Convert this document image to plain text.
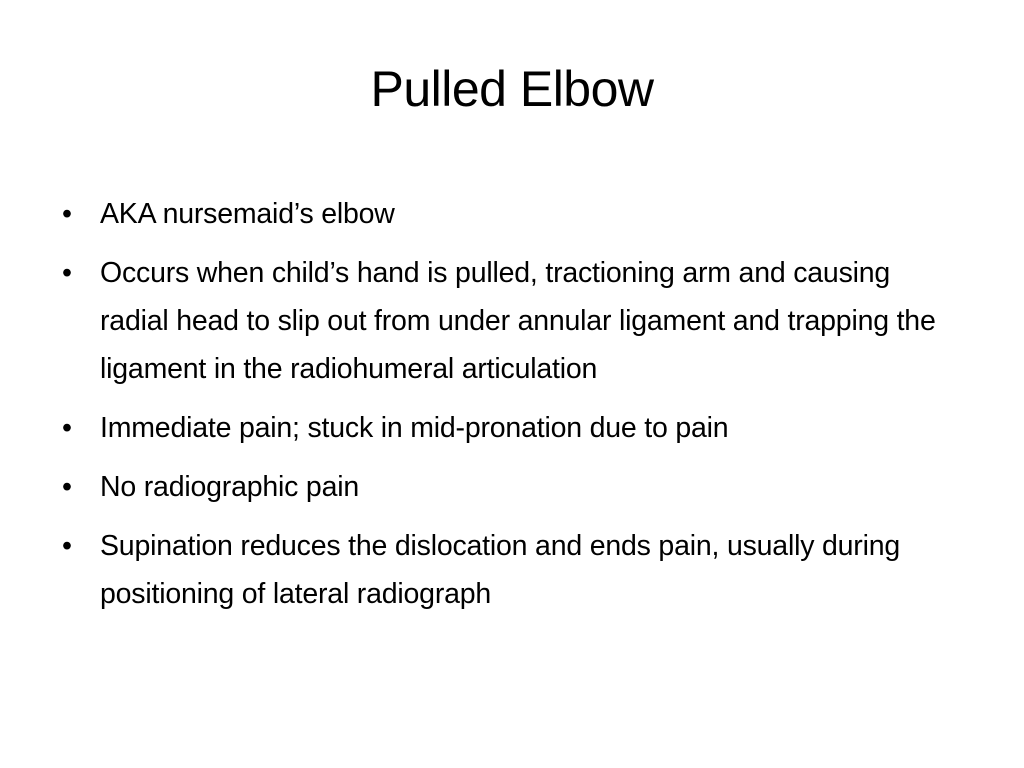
Pulled Elbow
• AKA nursemaid’s elbow
• Occurs when child’s hand is pulled, tractioning arm and causing radial head to slip out from under annular ligament and trapping the ligament in the radiohumeral articulation
• Immediate pain; stuck in mid-pronation due to pain
• No radiographic pain
• Supination reduces the dislocation and ends pain, usually during positioning of lateral radiograph
